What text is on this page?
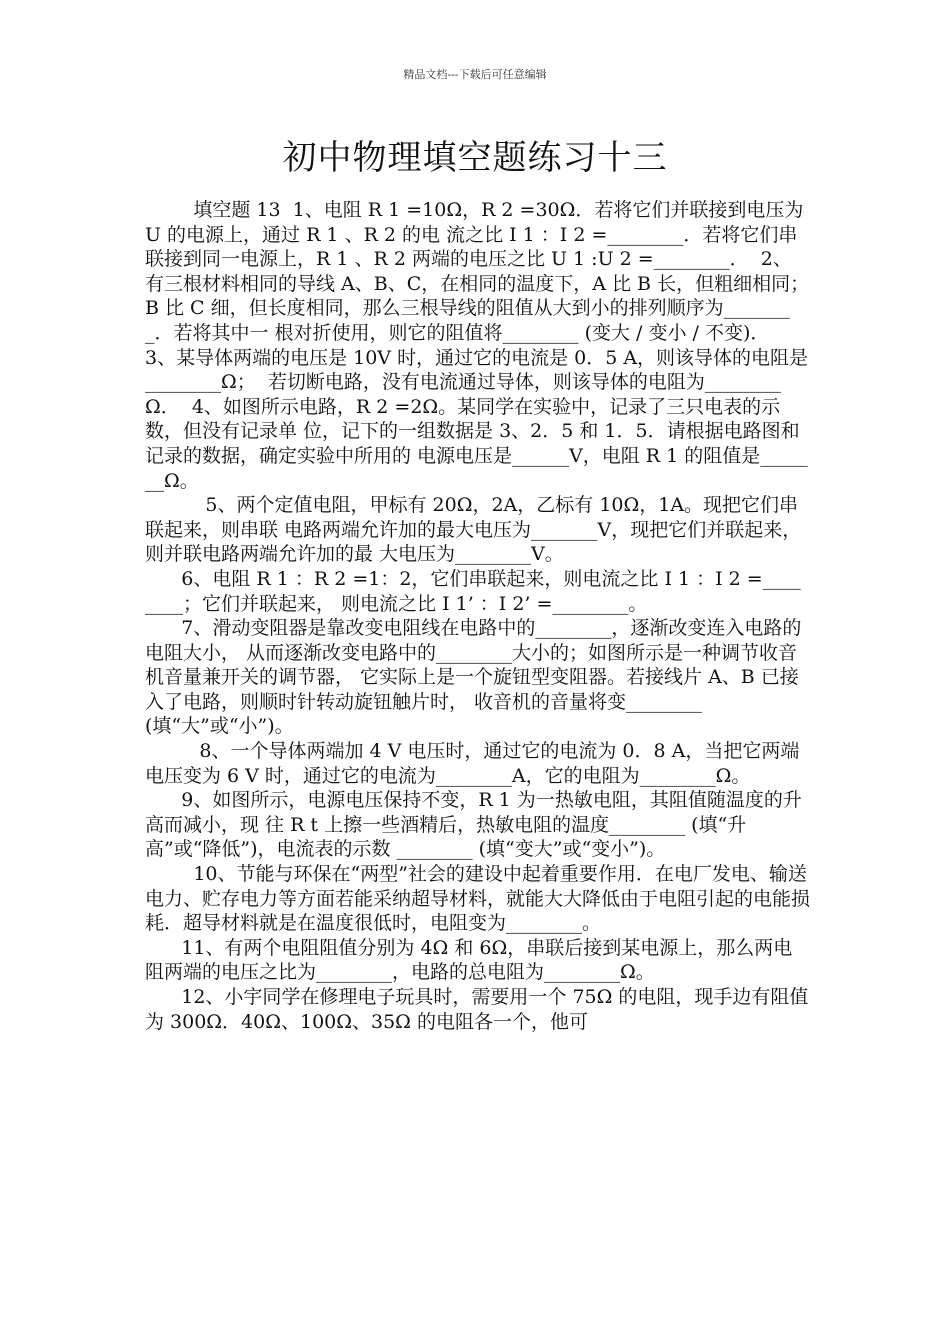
精品文档---下载后可任意编辑
初中物理填空题练习十三

填空题 13  1、电阻 R 1 =10Ω，R 2 =30Ω．若将它们并联接到电压为 U 的电源上，通过 R 1 、R 2 的电 流之比 I 1 ：I 2 =________．若将它们串联接到同一电源上，R 1 、R 2 两端的电压之比 U 1 :U 2 =________．  2、有三根材料相同的导线 A、B、C，在相同的温度下，A 比 B 长，但粗细相同；B 比 C 细，但长度相同，那么三根导线的阻值从大到小的排列顺序为________．若将其中一 根对折使用，则它的阻值将________ (变大 / 变小 / 不变)．  3、某导体两端的电压是 10V 时，通过它的电流是 0．5 A，则该导体的电阻是________Ω；  若切断电路，没有电流通过导体，则该导体的电阻为________Ω．  4、如图所示电路，R 2 =2Ω。某同学在实验中，记录了三只电表的示数，但没有记录单 位，记下的一组数据是 3、2．5 和 1．5．请根据电路图和记录的数据，确定实验中所用的 电源电压是______V，电阻 R 1 的阻值是_______Ω。

5、两个定值电阻，甲标有 20Ω，2A，乙标有 10Ω，1A。现把它们串联起来，则串联 电路两端允许加的最大电压为_______V，现把它们并联起来，则并联电路两端允许加的最 大电压为________V。

6、电阻 R 1 ：R 2 =1：2，它们串联起来，则电流之比 I 1 ：I 2 =________；它们并联起来， 则电流之比 I 1’ ：I 2’ =________。

7、滑动变阻器是靠改变电阻线在电路中的________，逐渐改变连入电路的电阻大小， 从而逐渐改变电路中的________大小的；如图所示是一种调节收音机音量兼开关的调节器， 它实际上是一个旋钮型变阻器。若接线片 A、B 已接入了电路，则顺时针转动旋钮触片时， 收音机的音量将变________ (填“大”或“小”)。

8、一个导体两端加 4 V 电压时，通过它的电流为 0．8 A，当把它两端电压变为 6 V 时，通过它的电流为________A，它的电阻为________Ω。

9、如图所示，电源电压保持不变，R 1 为一热敏电阻，其阻值随温度的升高而减小，现 往 R t 上擦一些酒精后，热敏电阻的温度________ (填“升高”或“降低”)，电流表的示数 ________ (填“变大”或“变小”)。

10、节能与环保在“两型”社会的建设中起着重要作用．在电厂发电、输送电力、贮存电力等方面若能采纳超导材料，就能大大降低由于电阻引起的电能损耗．超导材料就是在温度很低时，电阻变为________。

11、有两个电阻阻值分别为 4Ω 和 6Ω，串联后接到某电源上，那么两电阻两端的电压之比为________，电路的总电阻为________Ω。

12、小宇同学在修理电子玩具时，需要用一个 75Ω 的电阻，现手边有阻值为 300Ω．40Ω、100Ω、35Ω 的电阻各一个，他可
